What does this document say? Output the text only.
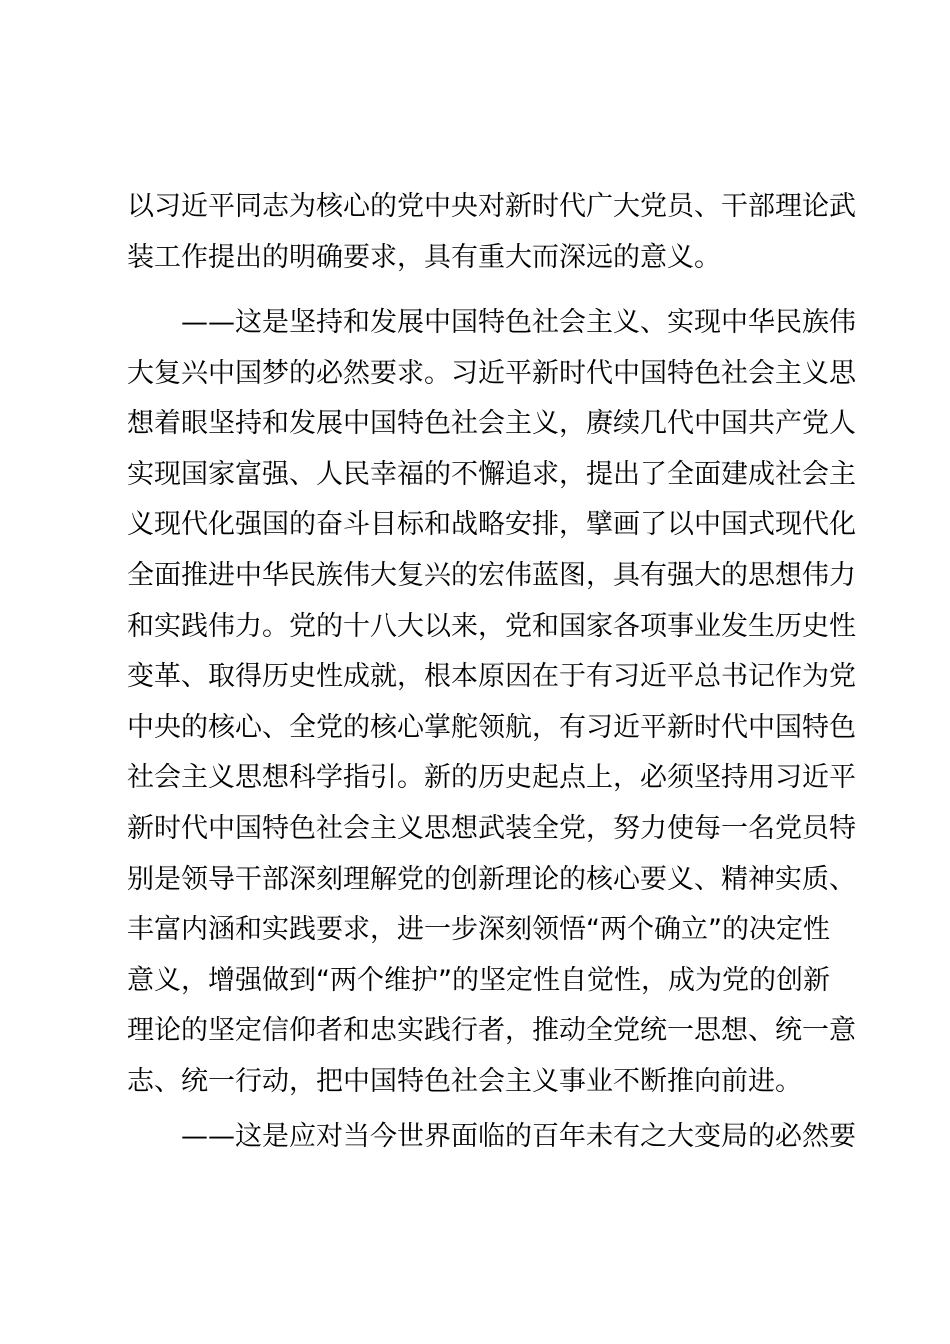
以习近平同志为核心的党中央对新时代广大党员、干部理论武
装工作提出的明确要求，具有重大而深远的意义。
——这是坚持和发展中国特色社会主义、实现中华民族伟
大复兴中国梦的必然要求。习近平新时代中国特色社会主义思
想着眼坚持和发展中国特色社会主义，赓续几代中国共产党人
实现国家富强、人民幸福的不懈追求，提出了全面建成社会主
义现代化强国的奋斗目标和战略安排，擘画了以中国式现代化
全面推进中华民族伟大复兴的宏伟蓝图，具有强大的思想伟力
和实践伟力。党的十八大以来，党和国家各项事业发生历史性
变革、取得历史性成就，根本原因在于有习近平总书记作为党
中央的核心、全党的核心掌舵领航，有习近平新时代中国特色
社会主义思想科学指引。新的历史起点上，必须坚持用习近平
新时代中国特色社会主义思想武装全党，努力使每一名党员特
别是领导干部深刻理解党的创新理论的核心要义、精神实质、
丰富内涵和实践要求，进一步深刻领悟“两个确立”的决定性
意义，增强做到“两个维护”的坚定性自觉性，成为党的创新
理论的坚定信仰者和忠实践行者，推动全党统一思想、统一意
志、统一行动，把中国特色社会主义事业不断推向前进。
——这是应对当今世界面临的百年未有之大变局的必然要
